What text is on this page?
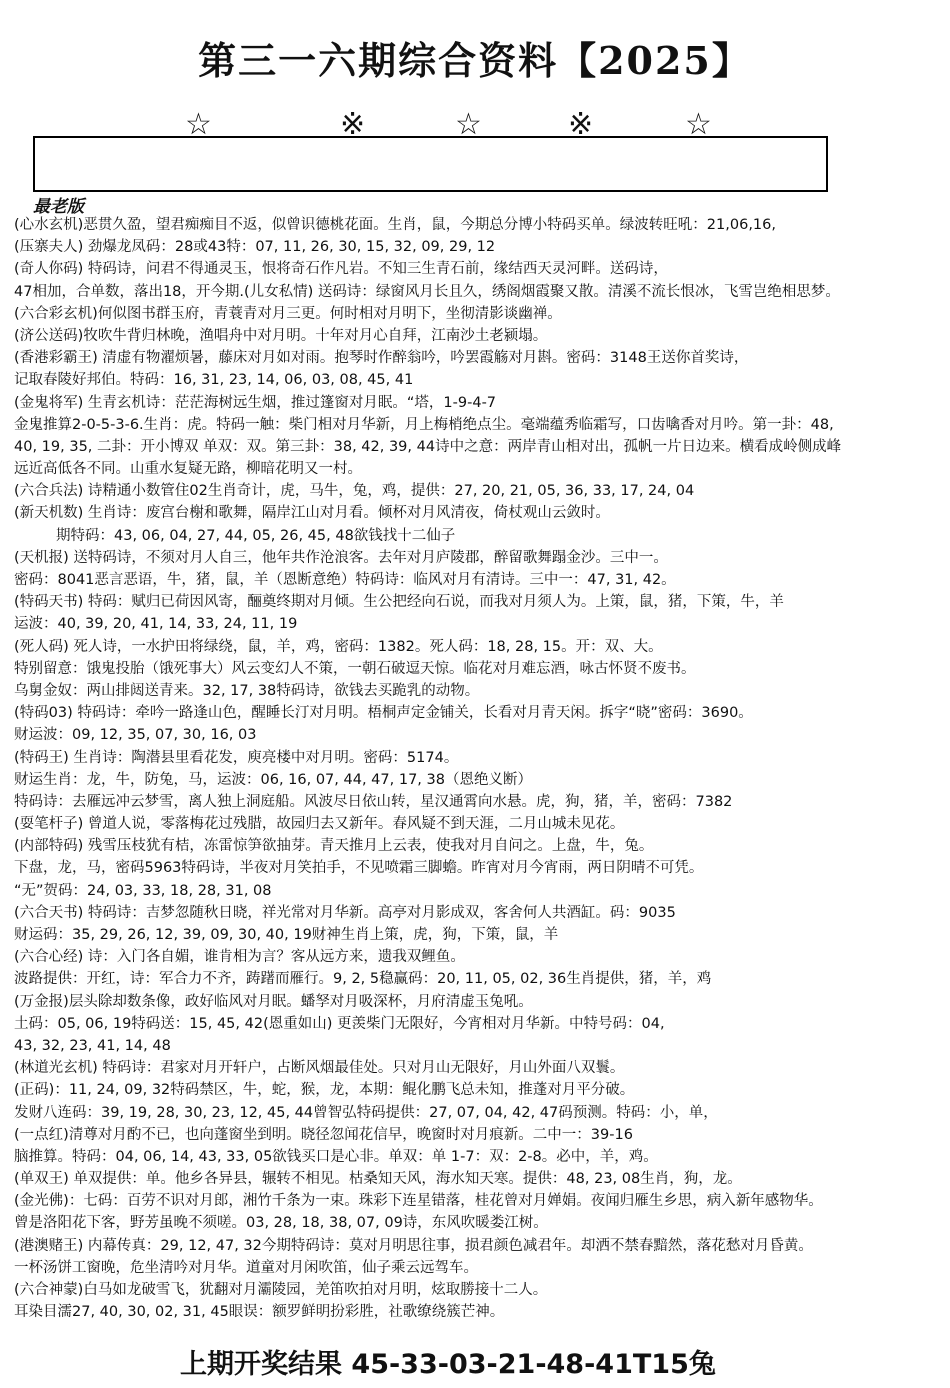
第三一六期综合资料【2025】
☆	※	☆	※	☆
最老版
(心水玄机)恶贯久盈，望君痴痴目不返，似曾识德桃花面。生肖，鼠，今期总分博小特码买单。绿波转旺吼：21,06,16,
(压寨夫人) 劲爆龙凤码：28或43特：07, 11, 26, 30, 15, 32, 09, 29, 12
(奇人你码) 特码诗，问君不得通灵玉，恨将奇石作凡岩。不知三生青石前，缘结西天灵河畔。送码诗，
47相加，合单数，落出18，开今期.(儿女私情) 送码诗：绿窗风月长且久，绣阁烟霞聚又散。清溪不流长恨冰，飞雪岂绝相思梦。
(六合彩玄机)何似图书群玉府，青蓑青对月三更。何时相对月明下，坐彻清影谈幽禅。
(济公送码)牧吹牛背归林晚，渔唱舟中对月明。十年对月心自拜，江南沙土老颍塌。
(香港彩霸王) 清虚有物濯烦暑，藤床对月如对雨。抱琴时作醉翁吟，吟罢霞觞对月斟。密码：3148王送你首奖诗，
记取春陵好邦伯。特码：16, 31, 23, 14, 06, 03, 08, 45, 41
(金鬼将军) 生青玄机诗：茫茫海树远生烟，推过篷窗对月眠。“塔，1-9-4-7
金鬼推算2-0-5-3-6.生肖：虎。特码一触：柴门相对月华新，月上梅梢绝点尘。毫端蕴秀临霜写，口齿噙香对月吟。第一卦：48,
40, 19, 35, 二卦：开小博双 单双：双。第三卦：38, 42, 39, 44诗中之意：两岸青山相对出，孤帆一片日边来。横看成岭侧成峰
远近高低各不同。山重水复疑无路，柳暗花明又一村。
(六合兵法) 诗精通小数管住02生肖奇计，虎，马牛，兔，鸡，提供：27, 20, 21, 05, 36, 33, 17, 24, 04
(新天机数) 生肖诗：废宫台榭和歌舞，隔岸江山对月看。倾杯对月风清夜，倚杖观山云敛时。
期特码：43, 06, 04, 27, 44, 05, 26, 45, 48欲钱找十二仙子
(天机报) 送特码诗，不须对月人自三，他年共作沧浪客。去年对月庐陵郡，醉留歌舞蹋金沙。三中一。
密码：8041恶言恶语，牛，猪，鼠，羊（恩断意绝）特码诗：临风对月有清诗。三中一：47, 31, 42。
(特码天书) 特码：赋归已荷因风寄，酾奠终期对月倾。生公把经向石说，而我对月须人为。上策，鼠，猪，下策，牛，羊
运波：40, 39, 20, 41, 14, 33, 24, 11, 19
(死人码) 死人诗，一水护田将绿绕，鼠，羊，鸡，密码：1382。死人码：18, 28, 15。开：双、大。
特别留意：饿鬼投胎（饿死事大）风云变幻人不策，一朝石破逗天惊。临花对月难忘酒，咏古怀贤不废书。
乌舅金奴：两山排闼送青来。32, 17, 38特码诗，欲钱去买跪乳的动物。
(特码03) 特码诗：牵吟一路逢山色，醒睡长汀对月明。梧桐声定金铺关，长看对月青天闲。拆字“晓”密码：3690。
财运波：09, 12, 35, 07, 30, 16, 03
(特码王) 生肖诗：陶潜县里看花发，庾亮楼中对月明。密码：5174。
财运生肖：龙，牛，防兔，马，运波：06, 16, 07, 44, 47, 17, 38（恩绝义断）
特码诗：去雁远冲云梦雪，离人独上洞庭船。风波尽日依山转，星汉通霄向水悬。虎，狗，猪，羊，密码：7382
(耍笔杆子) 曾道人说，零落梅花过残腊，故园归去又新年。春风疑不到天涯，二月山城未见花。
(内部特码) 残雪压枝犹有桔，冻雷惊笋欲抽芽。青天推月上云表，使我对月自问之。上盘，牛，兔。
下盘，龙，马，密码5963特码诗，半夜对月笑拍手，不见喷霜三脚蟾。昨宵对月今宵雨，两日阴晴不可凭。
“无”贺码：24, 03, 33, 18, 28, 31, 08
(六合天书) 特码诗：吉梦忽随秋日晓，祥光常对月华新。高亭对月影成双，客舍何人共酒缸。码：9035
财运码：35, 29, 26, 12, 39, 09, 30, 40, 19财神生肖上策，虎，狗，下策，鼠，羊
(六合心经) 诗：入门各自媚，谁肯相为言？客从远方来，遗我双鲤鱼。
波路提供：开红，诗：军合力不齐，踌躇而雁行。9, 2, 5稳赢码：20, 11, 05, 02, 36生肖提供，猪，羊，鸡
(万金报)层头除却数条像，政好临风对月眠。蟠孥对月吸深杯，月府清虚玉兔吼。
土码：05, 06, 19特码送：15, 45, 42(恩重如山) 更羡柴门无限好，今宵相对月华新。中特号码：04,
43, 32, 23, 41, 14, 48
(林道光玄机) 特码诗：君家对月开轩户，占断风烟最佳处。只对月山无限好，月山外面八双鬟。
(正码)：11, 24, 09, 32特码禁区，牛，蛇，猴，龙，本期：鲲化鹏飞总未知，推蓬对月平分破。
发财八连码：39, 19, 28, 30, 23, 12, 45, 44曾智弘特码提供：27, 07, 04, 42, 47码预测。特码：小，单，
(一点红)清尊对月酌不已，也向蓬窗坐到明。晓径忽闻花信早，晚窗时对月痕新。二中一：39-16
脑推算。特码：04, 06, 14, 43, 33, 05欲钱买口是心非。单双：单 1-7：双：2-8。必中，羊，鸡。
(单双王) 单双提供：单。他乡各异县，辗转不相见。枯桑知天风，海水知天寒。提供：48, 23, 08生肖，狗，龙。
(金光佛)：七码：百劳不识对月郎，湘竹千条为一束。珠彩下连星错落，桂花曾对月婵娟。夜闻归雁生乡思，病入新年感物华。
曾是洛阳花下客，野芳虽晚不须嗟。03, 28, 18, 38, 07, 09诗，东风吹暖娄江树。
(港澳赌王) 内幕传真：29, 12, 47, 32今期特码诗：莫对月明思往事，损君颜色减君年。却洒不禁春黯然，落花愁对月昏黄。
一杯汤饼工窗晚，危坐清吟对月华。道童对月闲吹笛，仙子乘云远驾车。
(六合神蒙)白马如龙破雪飞，犹翻对月灞陵园，羌笛吹拍对月明，炫取勝接十二人。
耳染目濡27, 40, 30, 02, 31, 45眼误：额罗鲜明扮彩胜，社歌缭绕簇芒神。
上期开奖结果 45-33-03-21-48-41T15兔
